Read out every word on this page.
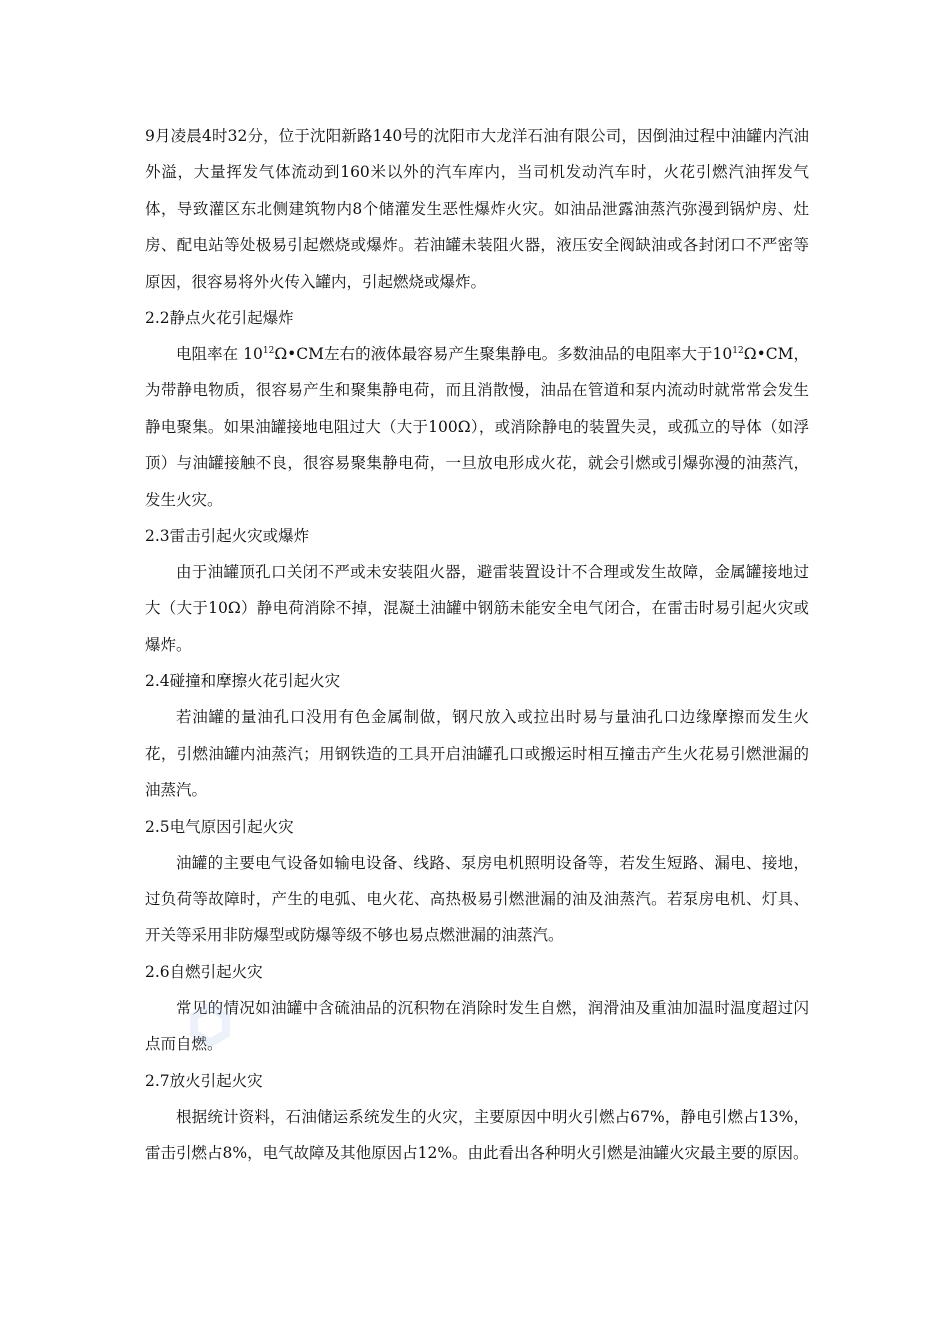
9月凌晨4时32分，位于沈阳新路140号的沈阳市大龙洋石油有限公司，因倒油过程中油罐内汽油外溢，大量挥发气体流动到160米以外的汽车库内，当司机发动汽车时，火花引燃汽油挥发气体，导致灌区东北侧建筑物内8个储灌发生恶性爆炸火灾。如油品泄露油蒸汽弥漫到锅炉房、灶房、配电站等处极易引起燃烧或爆炸。若油罐未装阻火器，液压安全阀缺油或各封闭口不严密等原因，很容易将外火传入罐内，引起燃烧或爆炸。

2.2静点火花引起爆炸

电阻率在 $10^{12}\Omega•CM$左右的液体最容易产生聚集静电。多数油品的电阻率大于$10^{12}\Omega•CM$，为带静电物质，很容易产生和聚集静电荷，而且消散慢，油品在管道和泵内流动时就常常会发生静电聚集。如果油罐接地电阻过大（大于100Ω），或消除静电的装置失灵，或孤立的导体（如浮顶）与油罐接触不良，很容易聚集静电荷，一旦放电形成火花，就会引燃或引爆弥漫的油蒸汽，发生火灾。

2.3雷击引起火灾或爆炸

由于油罐顶孔口关闭不严或未安装阻火器，避雷装置设计不合理或发生故障，金属罐接地过大（大于10Ω）静电荷消除不掉，混凝土油罐中钢筋未能安全电气闭合，在雷击时易引起火灾或爆炸。

2.4碰撞和摩擦火花引起火灾

若油罐的量油孔口没用有色金属制做，钢尺放入或拉出时易与量油孔口边缘摩擦而发生火花，引燃油罐内油蒸汽；用钢铁造的工具开启油罐孔口或搬运时相互撞击产生火花易引燃泄漏的油蒸汽。

2.5电气原因引起火灾

油罐的主要电气设备如输电设备、线路、泵房电机照明设备等，若发生短路、漏电、接地，过负荷等故障时，产生的电弧、电火花、高热极易引燃泄漏的油及油蒸汽。若泵房电机、灯具、开关等采用非防爆型或防爆等级不够也易点燃泄漏的油蒸汽。

2.6自燃引起火灾

常见的情况如油罐中含硫油品的沉积物在消除时发生自燃，润滑油及重油加温时温度超过闪点而自燃。

2.7放火引起火灾

根据统计资料，石油储运系统发生的火灾，主要原因中明火引燃占67%，静电引燃占13%，雷击引燃占8%，电气故障及其他原因占12%。由此看出各种明火引燃是油罐火灾最主要的原因。
